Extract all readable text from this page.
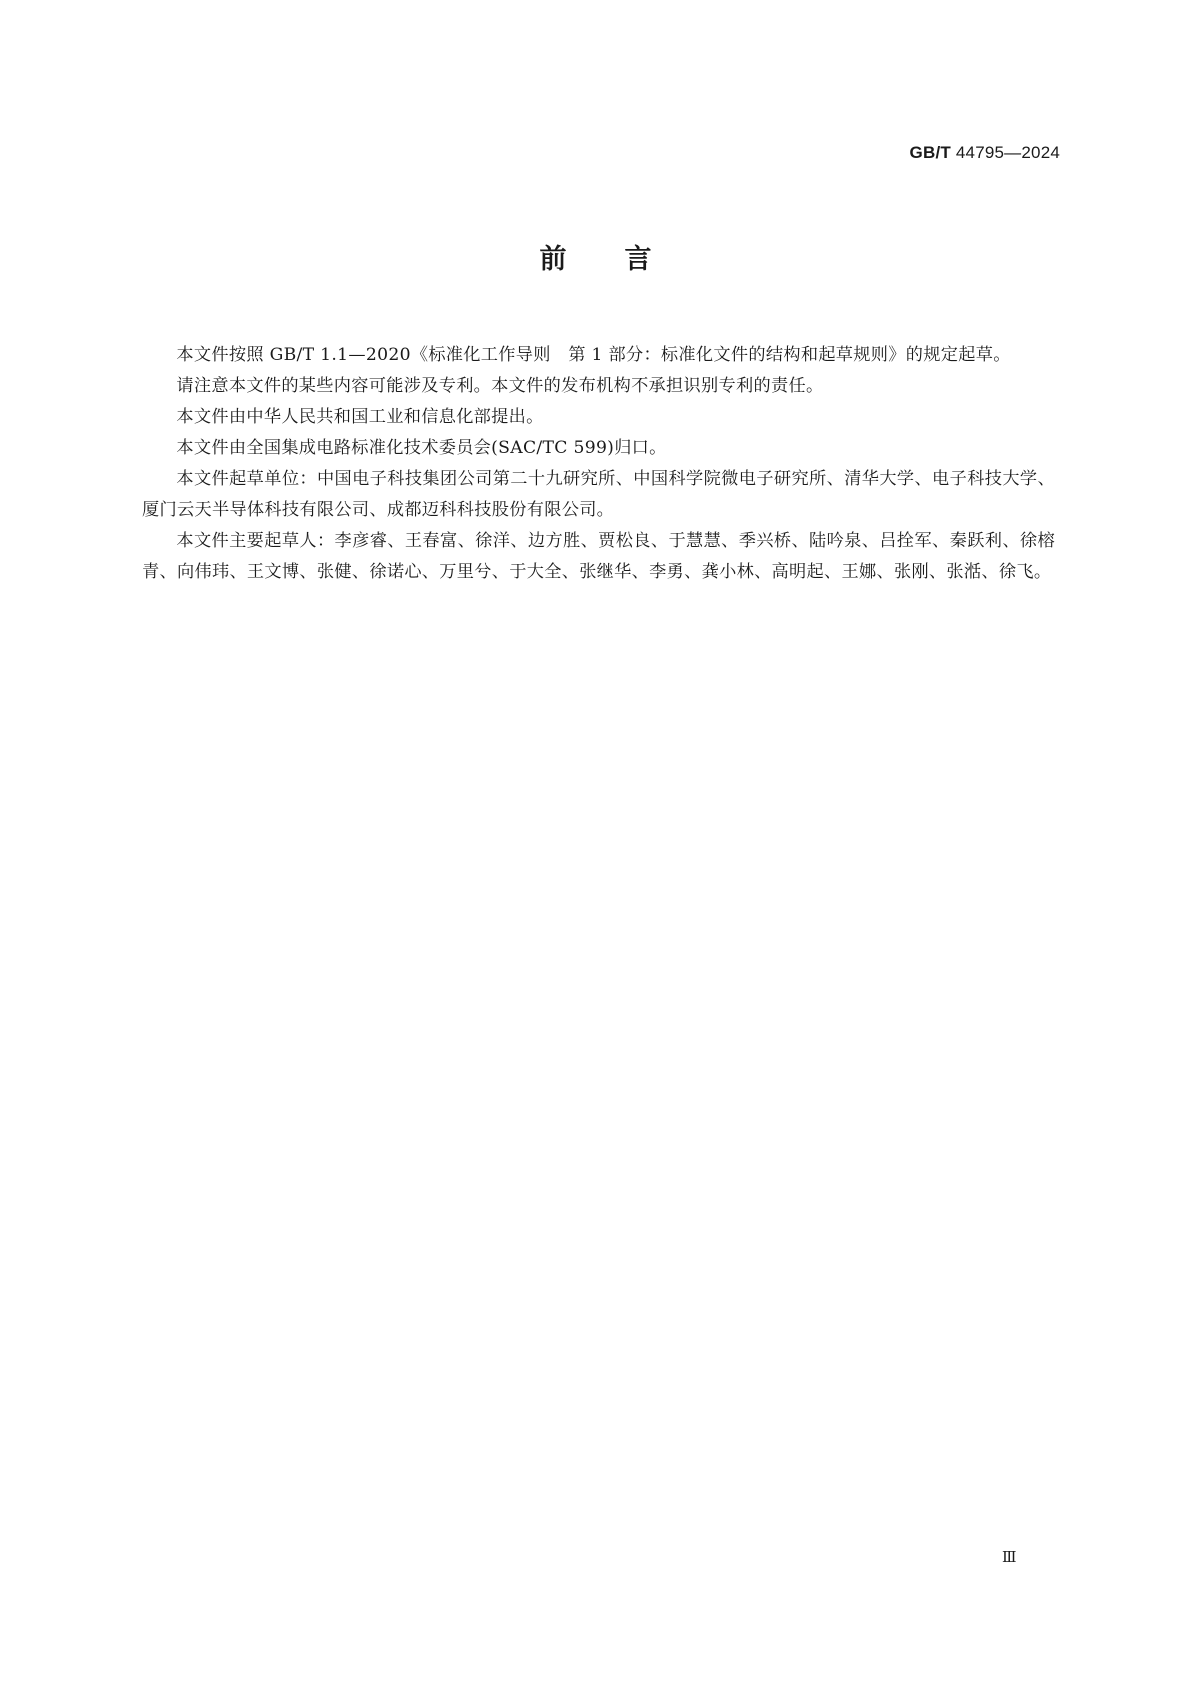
GB/T 44795—2024
前言

本文件按照 GB/T 1.1—2020《标准化工作导则　第 1 部分：标准化文件的结构和起草规则》的规定起草。

请注意本文件的某些内容可能涉及专利。本文件的发布机构不承担识别专利的责任。

本文件由中华人民共和国工业和信息化部提出。

本文件由全国集成电路标准化技术委员会(SAC/TC 599)归口。

本文件起草单位：中国电子科技集团公司第二十九研究所、中国科学院微电子研究所、清华大学、电子科技大学、厦门云天半导体科技有限公司、成都迈科科技股份有限公司。

本文件主要起草人：李彦睿、王春富、徐洋、边方胜、贾松良、于慧慧、季兴桥、陆吟泉、吕拴军、秦跃利、徐榕青、向伟玮、王文博、张健、徐诺心、万里兮、于大全、张继华、李勇、龚小林、高明起、王娜、张刚、张湉、徐飞。

Ⅲ
